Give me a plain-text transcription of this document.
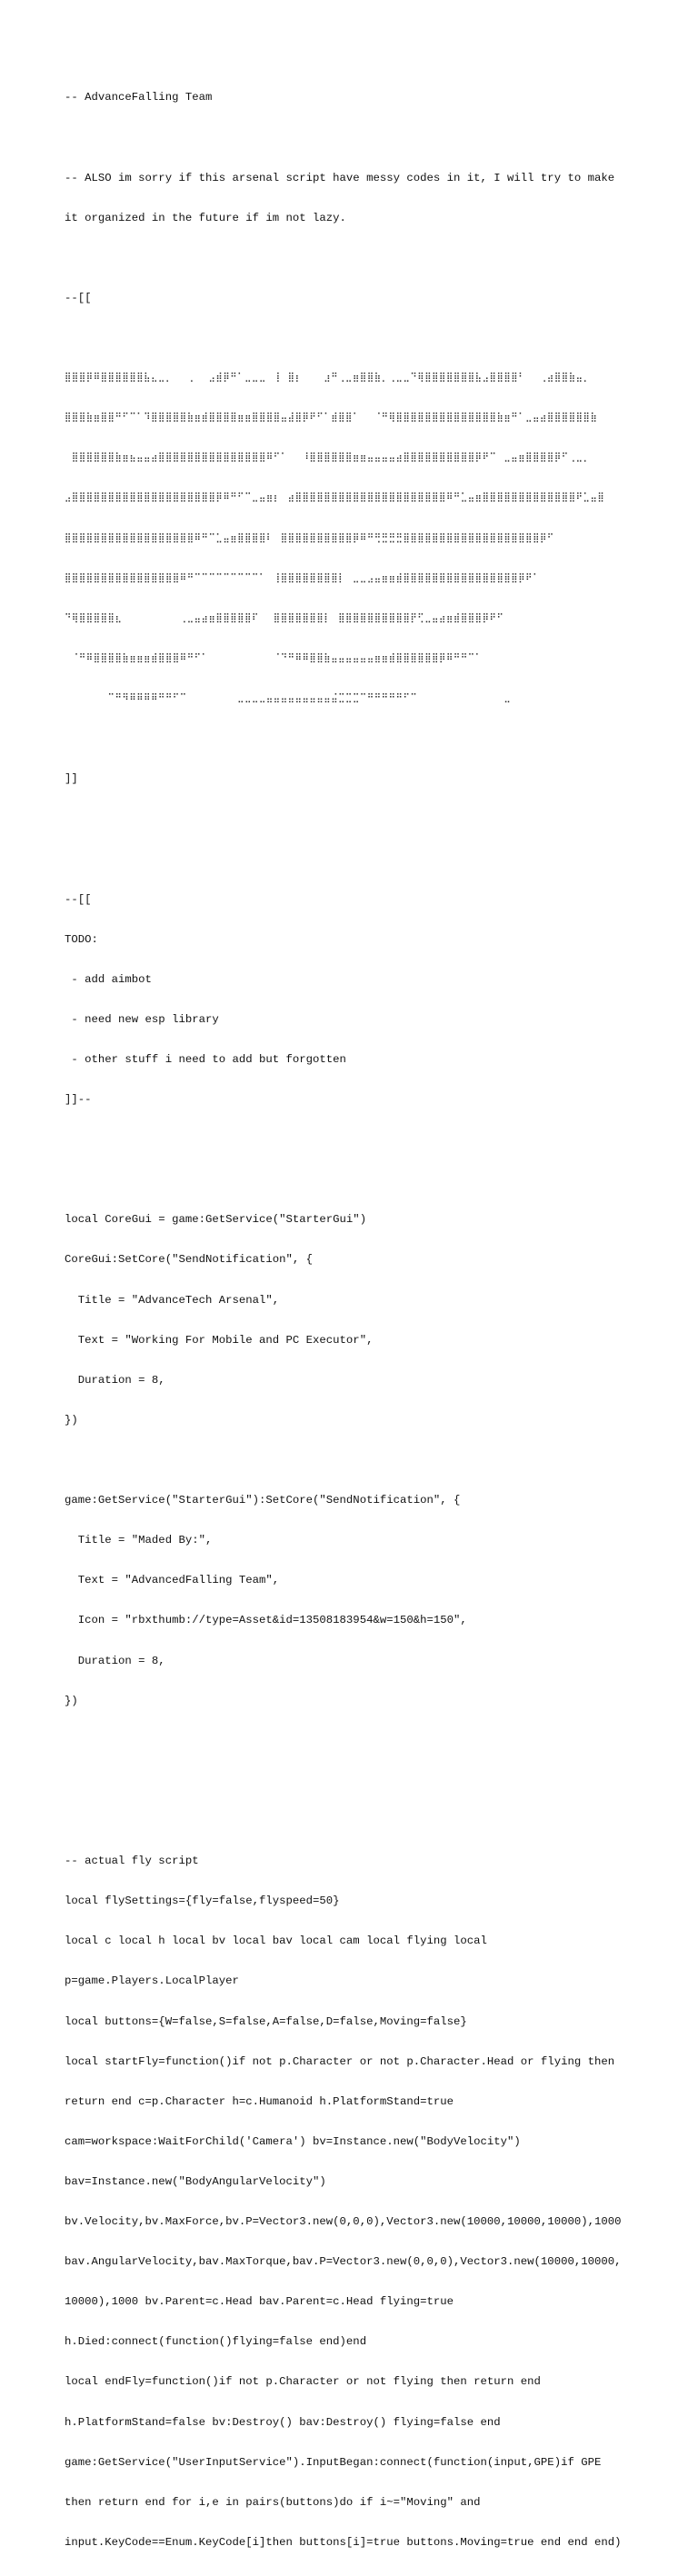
-- AdvanceFalling Team

-- ALSO im sorry if this arsenal script have messy codes in it, I will try to make

it organized in the future if im not lazy.

--[[

⣿⣿⣿⡿⠿⣿⣿⣿⣿⣿⣿⣧⣄⣀⡀⠀⠀⢀⠀⠀⣠⣾⡿⠛⠁⣀⣀⣀⠀⢸⠀⣿⡆⠀⠀⠀⣰⠛⢀⣀⣶⣿⣿⣷⡀⢀⣀⣀⠙⢿⣿⣿⣿⣿⣿⣿⣿⣧⣠⣿⣿⣿⣿⠃⠀⠀⢀⣴⣿⣿⣷⣤⡀

⣿⣿⣿⣷⣶⣿⣿⠛⠋⠉⠁⠹⣿⣿⣿⣿⣿⣷⣶⣾⣿⣿⣿⣿⣶⣶⣿⣿⣿⣿⣤⣼⣿⡿⠟⠋⠁⣾⣿⣿⠁⠀⠀⠈⠛⢿⣿⣿⣿⣿⣿⣿⣿⣿⣿⣿⣿⣿⣿⣿⣷⣶⠛⠁⣀⣤⣴⣿⣿⣿⣿⣿⣿⣷

⠀⣿⣿⣿⣿⣿⣿⣷⣶⣦⣤⣤⣴⣿⣿⣿⣿⣿⣿⣿⣿⣿⣿⣿⣿⣿⣿⣿⠿⠋⠁⠀⠀⠸⣿⣿⣿⣿⣿⣿⣶⣶⣤⣤⣤⣤⣴⣿⣿⣿⣿⣿⣿⣿⣿⣿⣿⡿⠟⠉⠀⣀⣤⣶⣿⣿⣿⣿⡿⠋⢀⣀⡀

⣠⣿⣿⣿⣿⣿⣿⣿⣿⣿⣿⣿⣿⣿⣿⣿⣿⣿⣿⣿⣿⡿⠿⠛⠋⠉⣀⣤⣶⡆⠀⣴⣿⣿⣿⣿⣿⣿⣿⣿⣿⣿⣿⣿⣿⣿⣿⣿⣿⣿⣿⣿⣿⠿⠛⣁⣤⣶⣿⣿⣿⣿⣿⣿⣿⣿⣿⣿⣿⣿⣿⠟⣁⣤⣿

⣿⣿⣿⣿⣿⣿⣿⣿⣿⣿⣿⣿⣿⣿⣿⣿⣿⣿⠿⠛⠉⣁⣤⣶⣿⣿⣿⣿⠇⠀⣿⣿⣿⣿⣿⣿⣿⣿⣿⣿⡿⠿⠛⢛⣛⣛⣛⣿⣿⣿⣿⣿⣿⣿⣿⣿⣿⣿⣿⣿⣿⣿⣿⣿⣿⣿⡿⠋⠀

⣿⣿⣿⣿⣿⣿⣿⣿⣿⣿⣿⣿⣿⣿⣿⣿⠿⠛⠉⠉⠉⠉⠉⠉⠉⠉⠉⠁⠀⢸⣿⣿⣿⣿⣿⣿⣿⣿⡇⠀⣀⣀⣠⣤⣶⣶⣾⣿⣿⣿⣿⣿⣿⣿⣿⣿⣿⣿⣿⣿⣿⣿⣿⡿⠟⠁⠀

⠙⢿⣿⣿⣿⣿⣿⣆⠀⠀⠀⠀⠀⠀⠀⠀⢀⣀⣤⣴⣶⣿⣿⣿⣿⣿⠏⠀⠀⣿⣿⣿⣿⣿⣿⣿⡇⠀⣿⣿⣿⣿⣿⣿⣿⣿⣿⣿⡟⢋⣀⣤⣴⣶⣾⣿⣿⣿⡿⠟⠋⠀⠀

⠀⠈⠛⠿⣿⣿⣿⣿⣷⣶⣶⣶⣾⣿⣿⣿⠿⠛⠋⠁⠀⠀⠀⠀⠀⠀⠀⠀⠀⠈⠙⠛⠿⠿⣿⣿⣷⣤⣤⣤⣤⣤⣤⣶⣶⣾⣿⣿⣿⣿⣿⣿⡿⠿⠛⠛⠉⠁⠀⠀⠀⠀⠀⠀

⠀⠀⠀⠀⠀⠀⠉⠛⠻⠿⠿⠿⠿⠛⠛⠋⠉⠀⠀⠀⠀⠀⠀⠀⣀⣀⣀⣀⣤⣤⣤⣤⣤⣤⣤⣤⣤⣬⣉⣉⣉⠉⠛⠛⠛⠛⠛⠋⠉⠀⠀⠀⠀⠀⠀⠀⠀⠀⠀⠀⠀⣀

]]

--[[

TODO:

- add aimbot

- need new esp library

- other stuff i need to add but forgotten

]]--

local CoreGui = game:GetService("StarterGui")

CoreGui:SetCore("SendNotification", {

Title = "AdvanceTech Arsenal",

Text = "Working For Mobile and PC Executor",

Duration = 8,

})

game:GetService("StarterGui"):SetCore("SendNotification", {

Title = "Maded By:",

Text = "AdvancedFalling Team",

Icon = "rbxthumb://type=Asset&id=13508183954&w=150&h=150",

Duration = 8,

})

-- actual fly script

local flySettings={fly=false,flyspeed=50}

local c local h local bv local bav local cam local flying local

p=game.Players.LocalPlayer

local buttons={W=false,S=false,A=false,D=false,Moving=false}

local startFly=function()if not p.Character or not p.Character.Head or flying then

return end c=p.Character h=c.Humanoid h.PlatformStand=true

cam=workspace:WaitForChild('Camera') bv=Instance.new("BodyVelocity")

bav=Instance.new("BodyAngularVelocity")

bv.Velocity,bv.MaxForce,bv.P=Vector3.new(0,0,0),Vector3.new(10000,10000,10000),1000

bav.AngularVelocity,bav.MaxTorque,bav.P=Vector3.new(0,0,0),Vector3.new(10000,10000,

10000),1000 bv.Parent=c.Head bav.Parent=c.Head flying=true

h.Died:connect(function()flying=false end)end

local endFly=function()if not p.Character or not flying then return end

h.PlatformStand=false bv:Destroy() bav:Destroy() flying=false end

game:GetService("UserInputService").InputBegan:connect(function(input,GPE)if GPE

then return end for i,e in pairs(buttons)do if i~="Moving" and

input.KeyCode==Enum.KeyCode[i]then buttons[i]=true buttons.Moving=true end end end)
